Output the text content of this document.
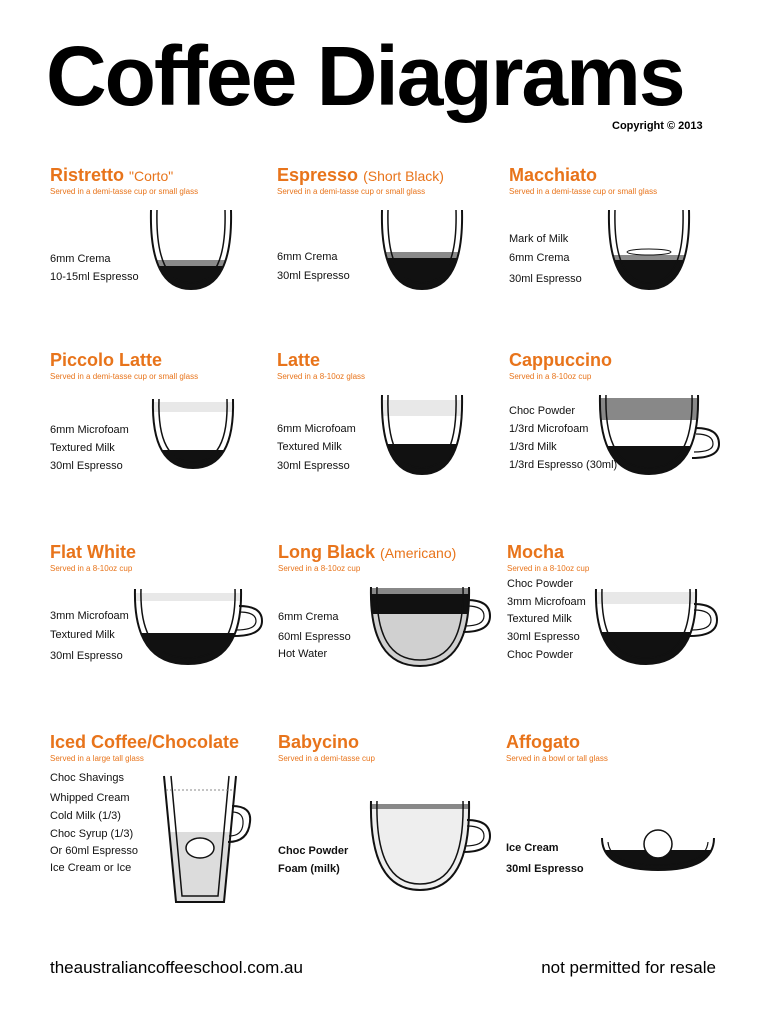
Coffee Diagrams
Copyright © 2013
Ristretto "Corto"
Served in a demi-tasse cup or small glass
6mm Crema
10-15ml Espresso
Espresso (Short Black)
Served in a demi-tasse cup or small glass
6mm Crema
30ml Espresso
Macchiato
Served in a demi-tasse cup or small glass
Mark of Milk
6mm Crema
30ml Espresso
Piccolo Latte
Served in a demi-tasse cup or small glass
6mm Microfoam
Textured Milk
30ml Espresso
Latte
Served in a 8-10oz glass
6mm Microfoam
Textured Milk
30ml Espresso
Cappuccino
Served in a 8-10oz cup
Choc Powder
1/3rd Microfoam
1/3rd Milk
1/3rd Espresso (30ml)
Flat White
Served in a 8-10oz cup
3mm Microfoam
Textured Milk
30ml Espresso
Long Black (Americano)
Served in a 8-10oz cup
6mm Crema
60ml Espresso
Hot Water
Mocha
Served in a 8-10oz cup
Choc Powder
3mm Microfoam
Textured Milk
30ml Espresso
Choc Powder
Iced Coffee/Chocolate
Served in a large tall glass
Choc Shavings
Whipped Cream
Cold Milk (1/3)
Choc Syrup (1/3)
Or 60ml Espresso
Ice Cream or Ice
Babycino
Served in a demi-tasse cup
Choc Powder
Foam (milk)
Affogato
Served in a bowl or tall glass
Ice Cream
30ml Espresso
theaustraliancoffeeschool.com.au	not permitted for resale
